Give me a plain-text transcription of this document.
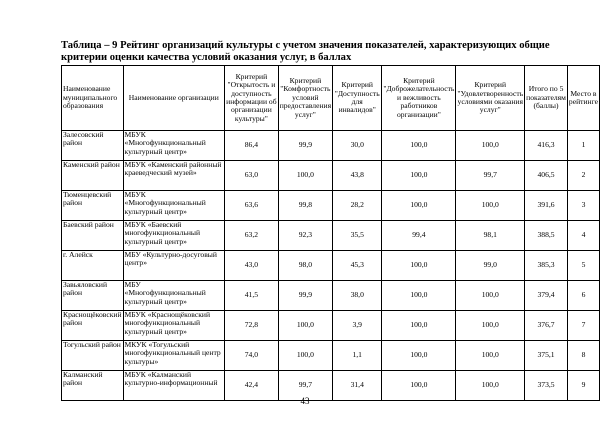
Таблица – 9 Рейтинг организаций культуры с учетом значения показателей, характеризующих общие критерии оценки качества условий оказания услуг, в баллах
Наименование муниципального образования	Наименование организации	Критерий "Открытость и доступность информации об организации культуры"	Критерий "Комфортность условий предоставления услуг"	Критерий "Доступность для инвалидов"	Критерий "Доброжелательность и вежливость работников организации"	Критерий "Удовлетворенность условиями оказания услуг"	Итого по 5 показателям (баллы)	Место в рейтинге
Залесовский район	МБУК «Многофункциональный культурный центр»	86,4	99,9	30,0	100,0	100,0	416,3	1
Каменский район	МБУК «Каменский районный краеведческий музей»	63,0	100,0	43,8	100,0	99,7	406,5	2
Тюменцевский район	МБУК «Многофункциональный культурный центр»	63,6	99,8	28,2	100,0	100,0	391,6	3
Баевский район	МБУК «Баевский многофункциональный культурный центр»	63,2	92,3	35,5	99,4	98,1	388,5	4
г. Алейск	МБУ «Культурно-досуговый центр»	43,0	98,0	45,3	100,0	99,0	385,3	5
Завьяловский район	МБУ «Многофункциональный культурный центр»	41,5	99,9	38,0	100,0	100,0	379,4	6
Краснощёковский район	МБУК «Краснощёковский многофункциональный культурный центр»	72,8	100,0	3,9	100,0	100,0	376,7	7
Тогульский район	МКУК «Тогульский многофункциональный центр культуры»	74,0	100,0	1,1	100,0	100,0	375,1	8
Калманский район	МБУК «Калманский культурно-информационный	42,4	99,7	31,4	100,0	100,0	373,5	9
43
